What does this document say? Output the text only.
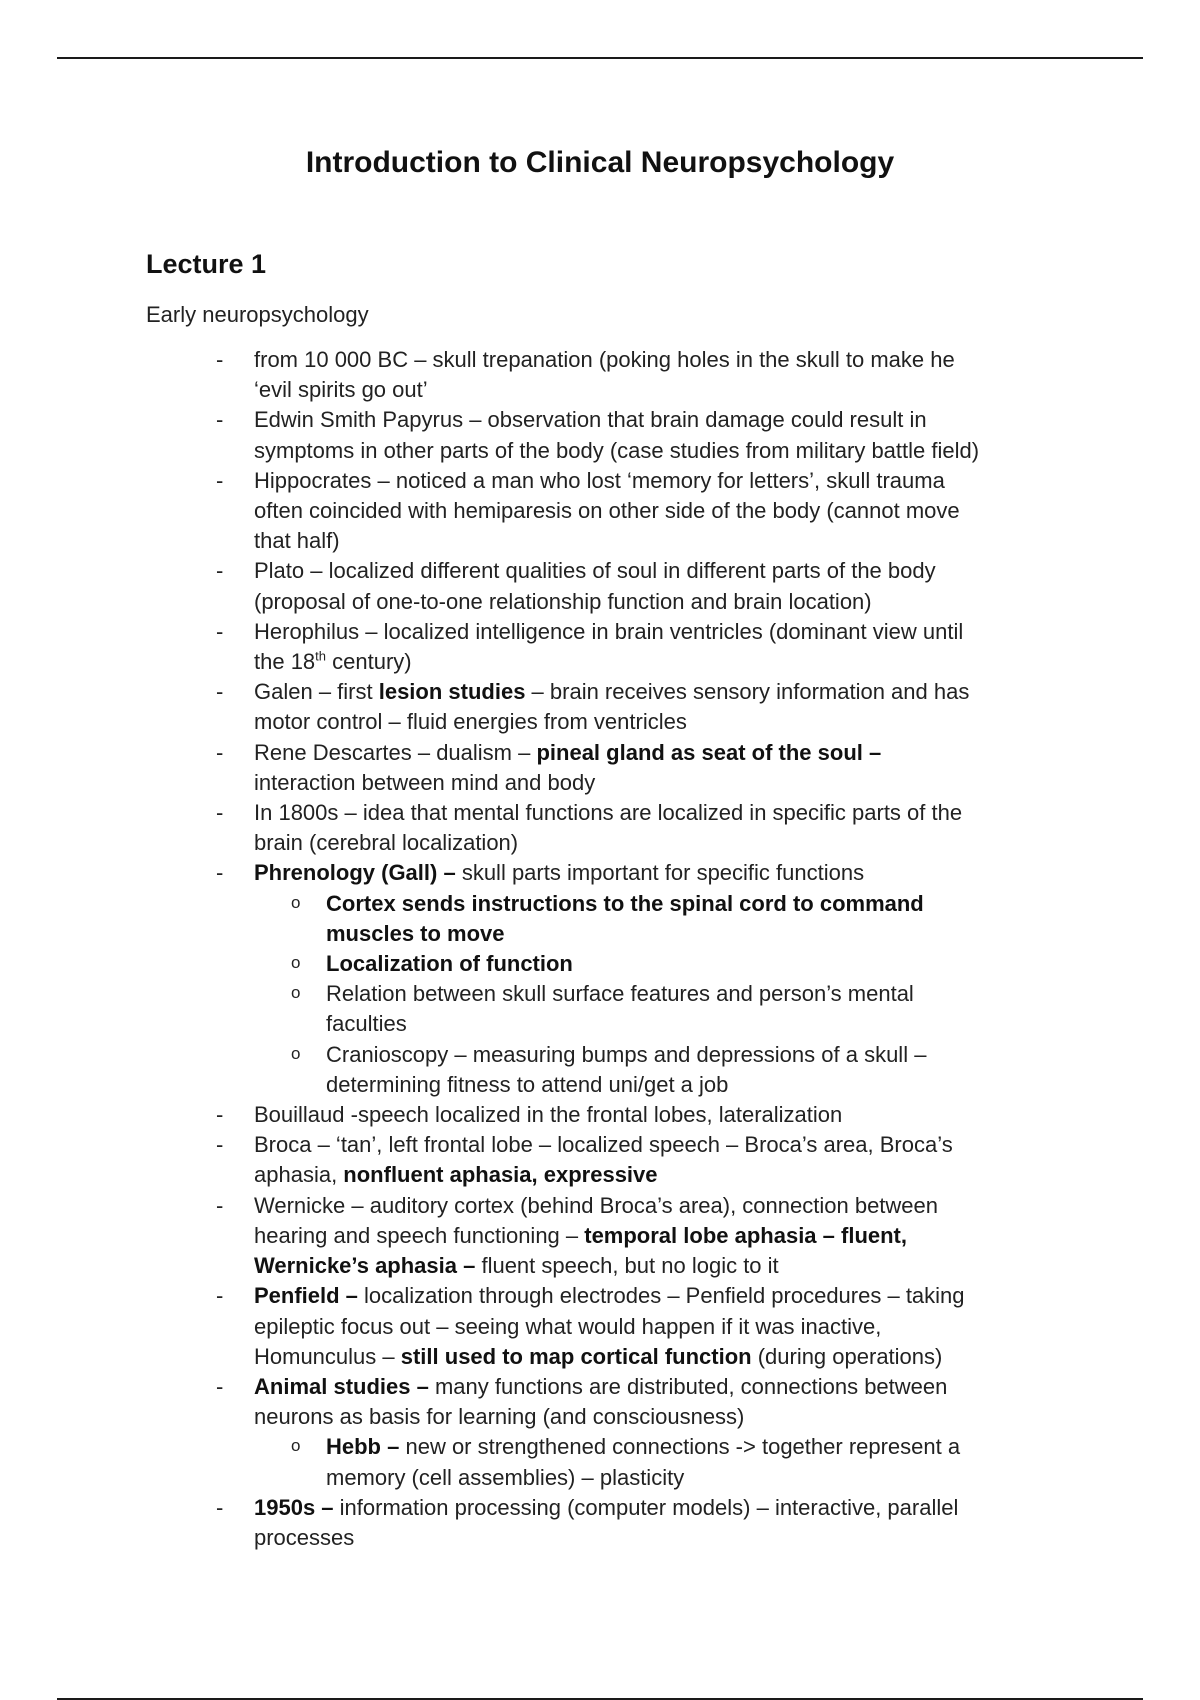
Introduction to Clinical Neuropsychology
Lecture 1
Early neuropsychology
- from 10 000 BC – skull trepanation (poking holes in the skull to make he
‘evil spirits go out’
- Edwin Smith Papyrus – observation that brain damage could result in
symptoms in other parts of the body (case studies from military battle field)
- Hippocrates – noticed a man who lost ‘memory for letters’, skull trauma
often coincided with hemiparesis on other side of the body (cannot move
that half)
- Plato – localized different qualities of soul in different parts of the body
(proposal of one-to-one relationship function and brain location)
- Herophilus – localized intelligence in brain ventricles (dominant view until
the 18th century)
- Galen – first lesion studies – brain receives sensory information and has
motor control – fluid energies from ventricles
- Rene Descartes – dualism – pineal gland as seat of the soul –
interaction between mind and body
- In 1800s – idea that mental functions are localized in specific parts of the
brain (cerebral localization)
- Phrenology (Gall) – skull parts important for specific functions
o Cortex sends instructions to the spinal cord to command
muscles to move
o Localization of function
o Relation between skull surface features and person’s mental
faculties
o Cranioscopy – measuring bumps and depressions of a skull –
determining fitness to attend uni/get a job
- Bouillaud -speech localized in the frontal lobes, lateralization
- Broca – ‘tan’, left frontal lobe – localized speech – Broca’s area, Broca’s
aphasia, nonfluent aphasia, expressive
- Wernicke – auditory cortex (behind Broca’s area), connection between
hearing and speech functioning – temporal lobe aphasia – fluent,
Wernicke’s aphasia – fluent speech, but no logic to it
- Penfield – localization through electrodes – Penfield procedures – taking
epileptic focus out – seeing what would happen if it was inactive,
Homunculus – still used to map cortical function (during operations)
- Animal studies – many functions are distributed, connections between
neurons as basis for learning (and consciousness)
o Hebb – new or strengthened connections -> together represent a
memory (cell assemblies) – plasticity
- 1950s – information processing (computer models) – interactive, parallel
processes
